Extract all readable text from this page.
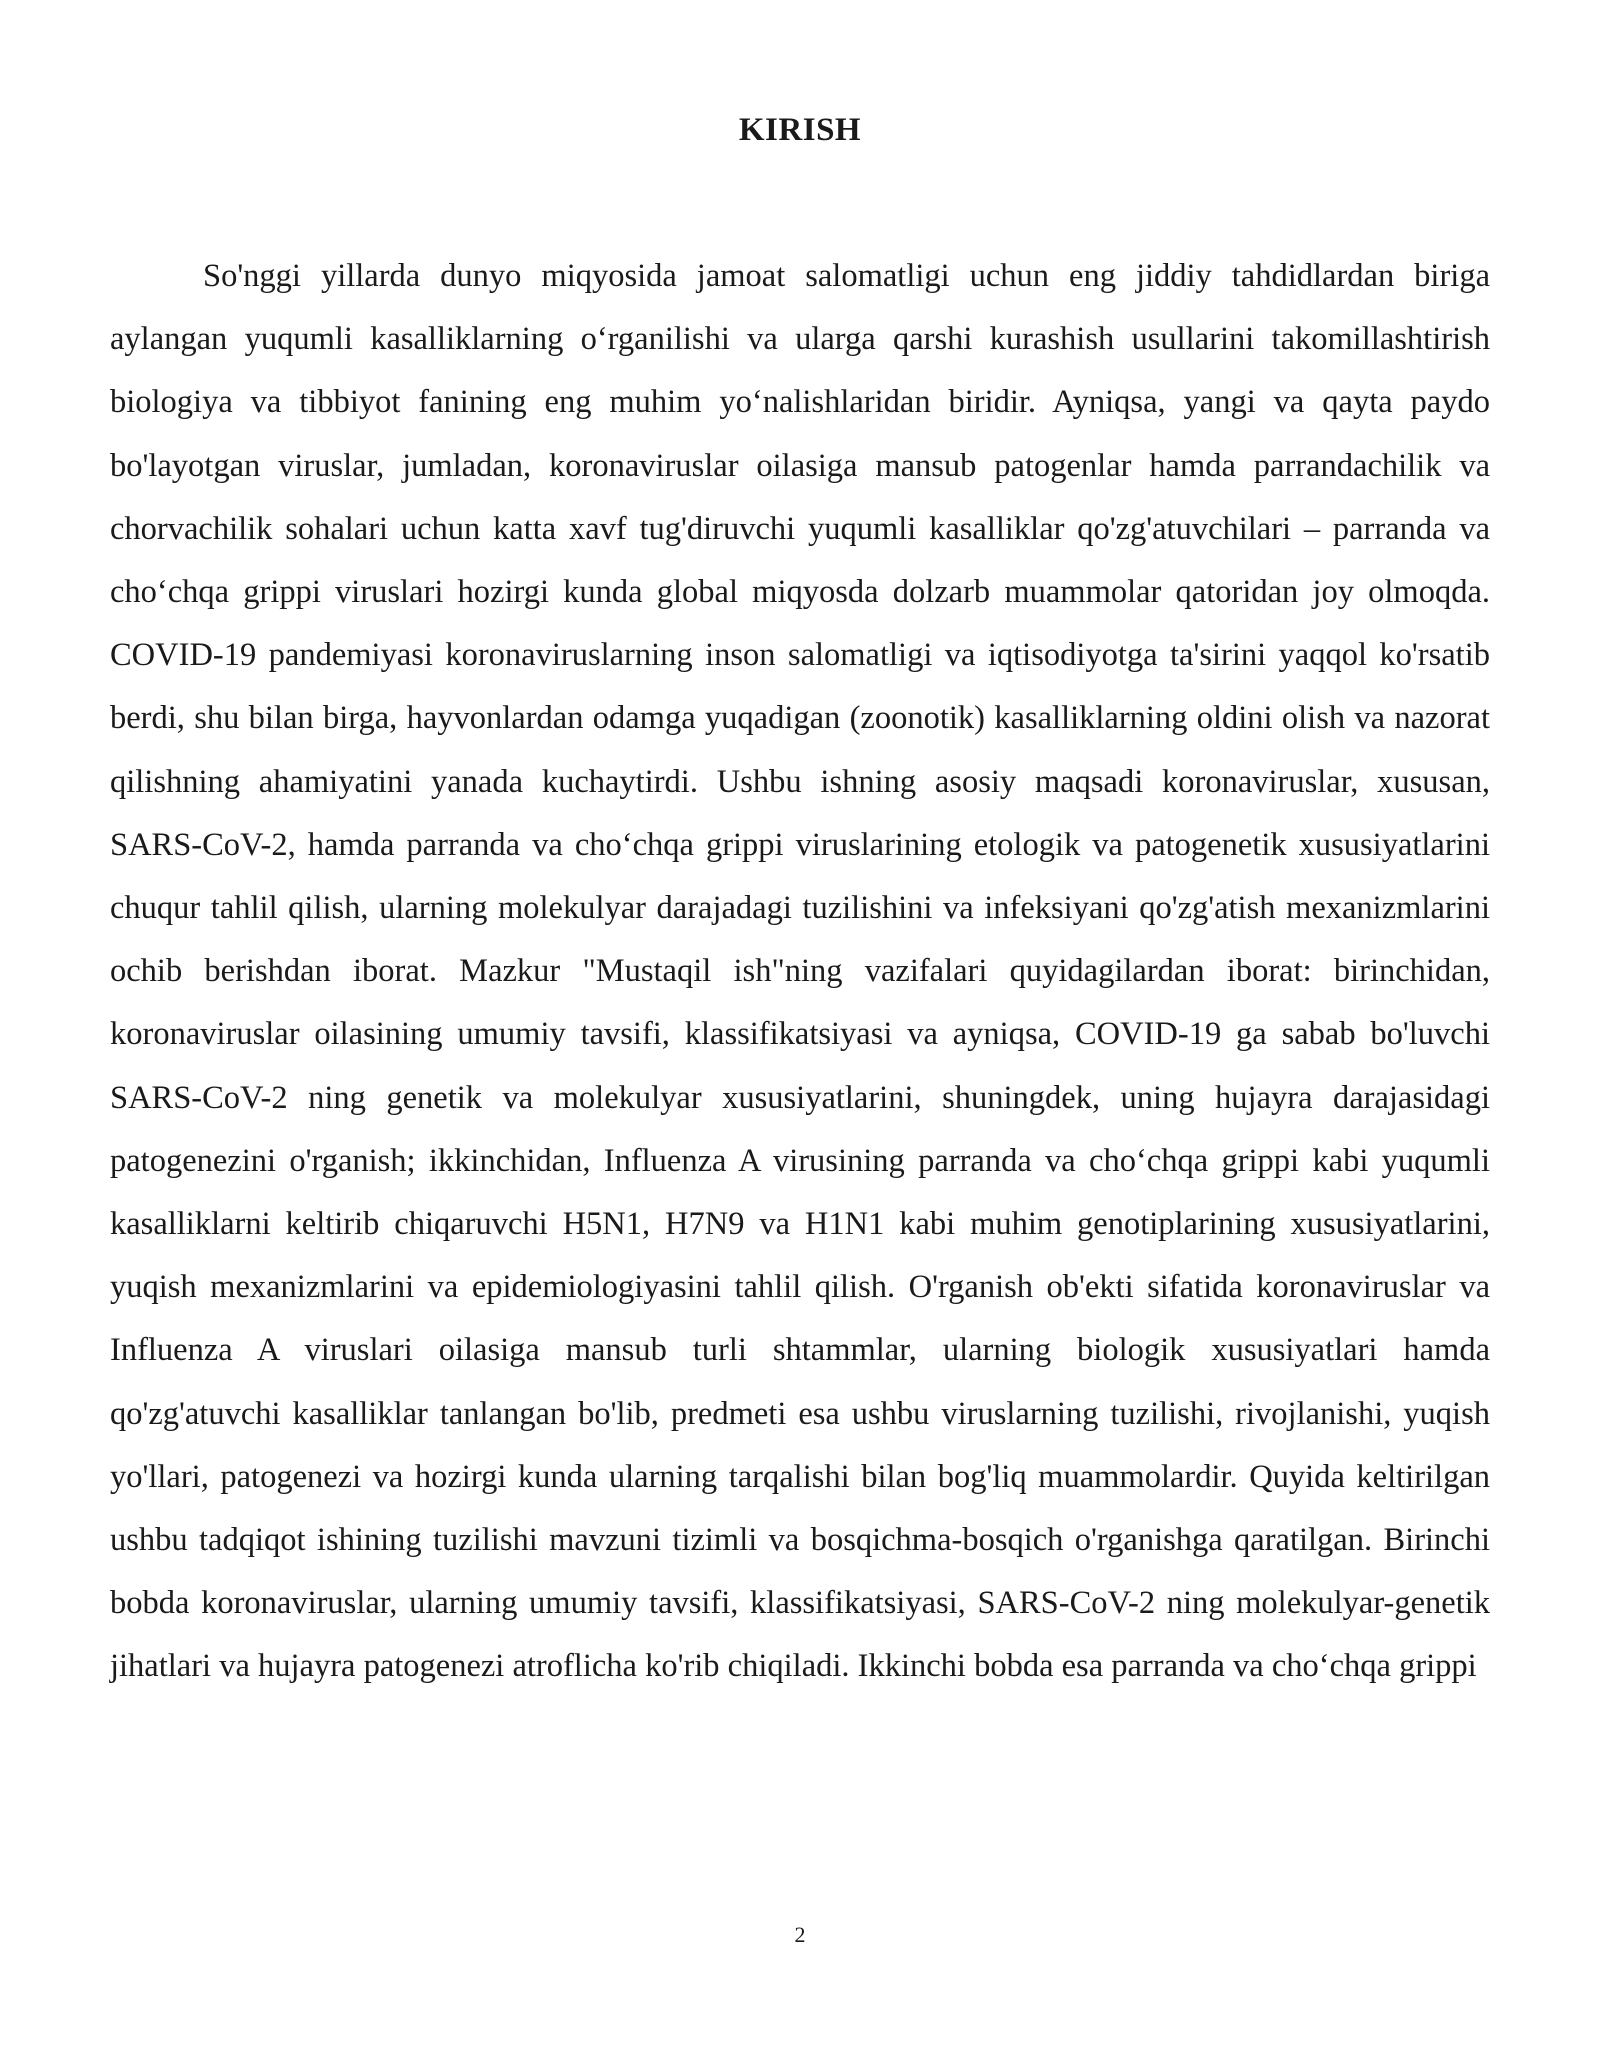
KIRISH

So'nggi yillarda dunyo miqyosida jamoat salomatligi uchun eng jiddiy tahdidlardan biriga aylangan yuqumli kasalliklarning o‘rganilishi va ularga qarshi kurashish usullarini takomillashtirish biologiya va tibbiyot fanining eng muhim yo‘nalishlaridan biridir. Ayniqsa, yangi va qayta paydo bo'layotgan viruslar, jumladan, koronaviruslar oilasiga mansub patogenlar hamda parrandachilik va chorvachilik sohalari uchun katta xavf tug'diruvchi yuqumli kasalliklar qo'zg'atuvchilari – parranda va cho‘chqa grippi viruslari hozirgi kunda global miqyosda dolzarb muammolar qatoridan joy olmoqda. COVID-19 pandemiyasi koronaviruslarning inson salomatligi va iqtisodiyotga ta'sirini yaqqol ko'rsatib berdi, shu bilan birga, hayvonlardan odamga yuqadigan (zoonotik) kasalliklarning oldini olish va nazorat qilishning ahamiyatini yanada kuchaytirdi. Ushbu ishning asosiy maqsadi koronaviruslar, xususan, SARS-CoV-2, hamda parranda va cho‘chqa grippi viruslarining etologik va patogenetik xususiyatlarini chuqur tahlil qilish, ularning molekulyar darajadagi tuzilishini va infeksiyani qo'zg'atish mexanizmlarini ochib berishdan iborat. Mazkur "Mustaqil ish"ning vazifalari quyidagilardan iborat: birinchidan, koronaviruslar oilasining umumiy tavsifi, klassifikatsiyasi va ayniqsa, COVID-19 ga sabab bo'luvchi SARS-CoV-2 ning genetik va molekulyar xususiyatlarini, shuningdek, uning hujayra darajasidagi patogenezini o'rganish; ikkinchidan, Influenza A virusining parranda va cho‘chqa grippi kabi yuqumli kasalliklarni keltirib chiqaruvchi H5N1, H7N9 va H1N1 kabi muhim genotiplarining xususiyatlarini, yuqish mexanizmlarini va epidemiologiyasini tahlil qilish. O'rganish ob'ekti sifatida koronaviruslar va Influenza A viruslari oilasiga mansub turli shtammlar, ularning biologik xususiyatlari hamda qo'zg'atuvchi kasalliklar tanlangan bo'lib, predmeti esa ushbu viruslarning tuzilishi, rivojlanishi, yuqish yo'llari, patogenezi va hozirgi kunda ularning tarqalishi bilan bog'liq muammolardir. Quyida keltirilgan ushbu tadqiqot ishining tuzilishi mavzuni tizimli va bosqichma-bosqich o'rganishga qaratilgan. Birinchi bobda koronaviruslar, ularning umumiy tavsifi, klassifikatsiyasi, SARS-CoV-2 ning molekulyar-genetik jihatlari va hujayra patogenezi atroflicha ko'rib chiqiladi. Ikkinchi bobda esa parranda va cho‘chqa grippi

2
